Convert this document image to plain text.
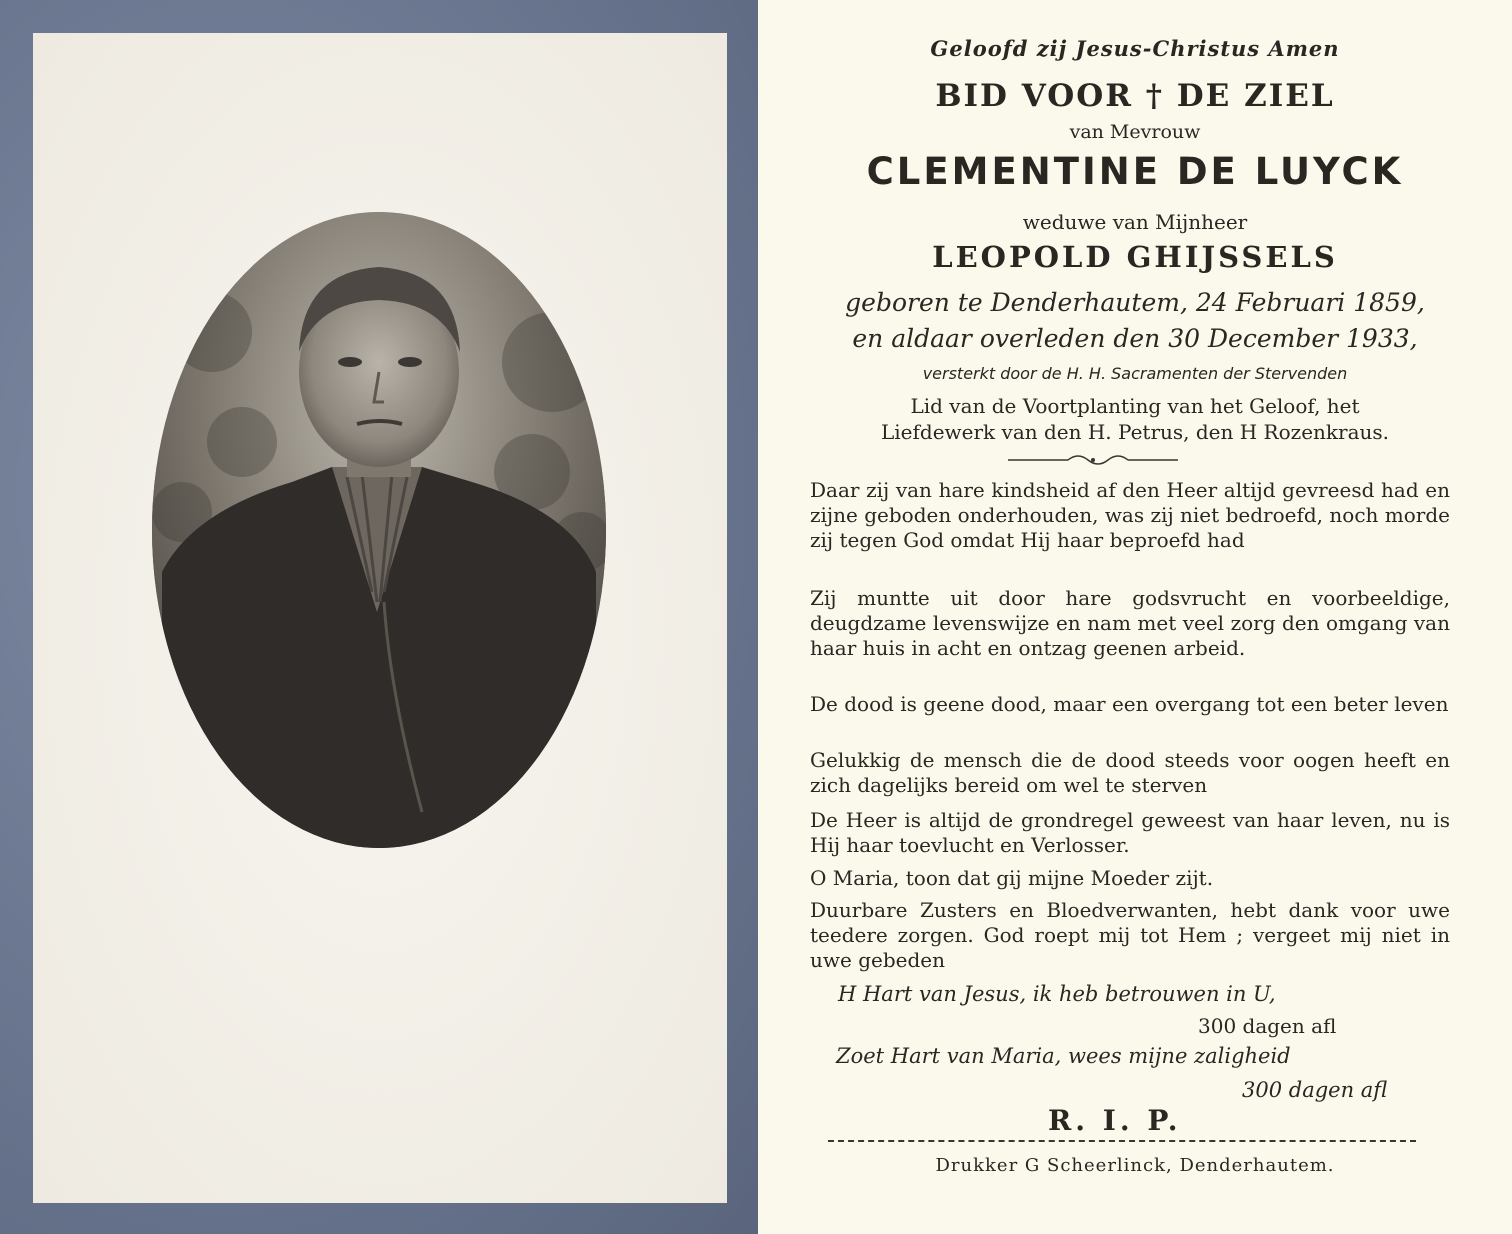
Geloofd zij Jesus-Christus Amen
BID VOOR † DE ZIEL
van Mevrouw
CLEMENTINE DE LUYCK
weduwe van Mijnheer
LEOPOLD GHIJSSELS
geboren te Denderhautem, 24 Februari 1859,
en aldaar overleden den 30 December 1933,
versterkt door de H. H. Sacramenten der Stervenden
Lid van de Voortplanting van het Geloof, het
Liefdewerk van den H. Petrus, den H Rozenkraus.
Daar zij van hare kindsheid af den Heer altijd gevreesd had en zijne geboden onderhouden, was zij niet bedroefd, noch morde zij tegen God omdat Hij haar beproefd had
Zij muntte uit door hare godsvrucht en voorbeeldige, deugdzame levenswijze en nam met veel zorg den omgang van haar huis in acht en ontzag geenen arbeid.
De dood is geene dood, maar een overgang tot een beter leven
Gelukkig de mensch die de dood steeds voor oogen heeft en zich dagelijks bereid om wel te sterven
De Heer is altijd de grondregel geweest van haar leven, nu is Hij haar toevlucht en Verlosser.
O Maria, toon dat gij mijne Moeder zijt.
Duurbare Zusters en Bloedverwanten, hebt dank voor uwe teedere zorgen. God roept mij tot Hem ; vergeet mij niet in uwe gebeden
H Hart van Jesus, ik heb betrouwen in U,
300 dagen afl
Zoet Hart van Maria, wees mijne zaligheid
300 dagen afl
R. I. P.
Drukker G Scheerlinck, Denderhautem.
